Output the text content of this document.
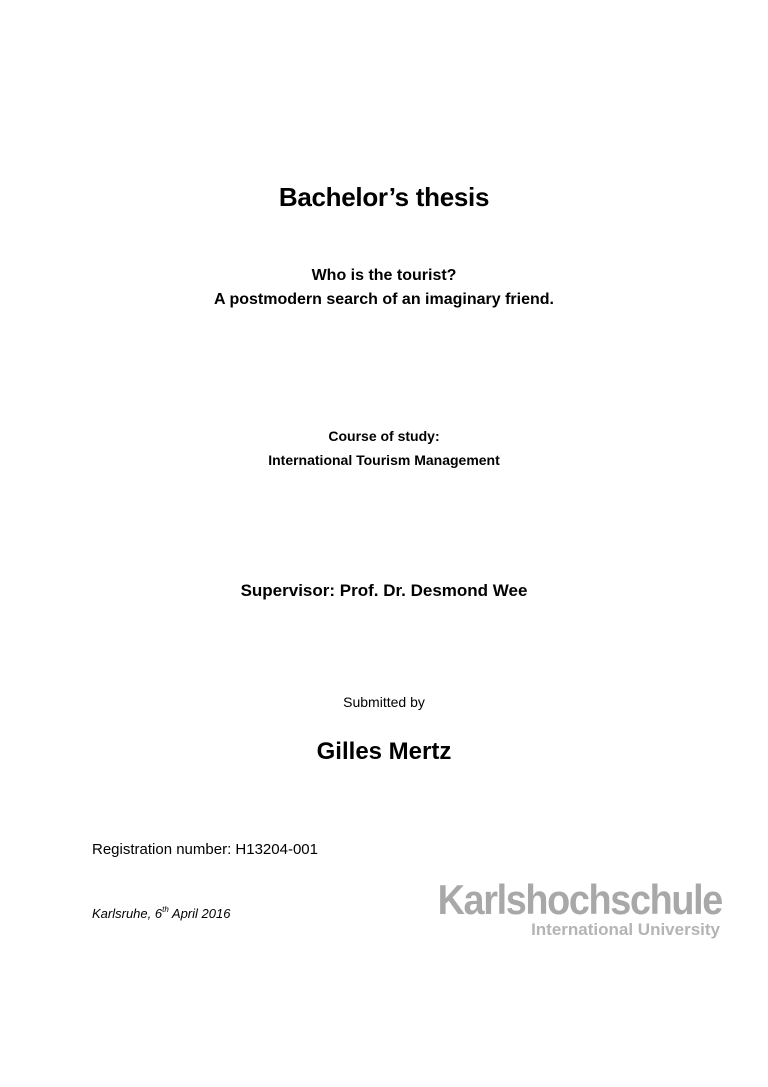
Bachelor’s thesis
Who is the tourist?
A postmodern search of an imaginary friend.
Course of study:
International Tourism Management
Supervisor: Prof. Dr. Desmond Wee
Submitted by
Gilles Mertz
Registration number: H13204-001
Karlsruhe, 6th April 2016	Karlshochschule
International University
